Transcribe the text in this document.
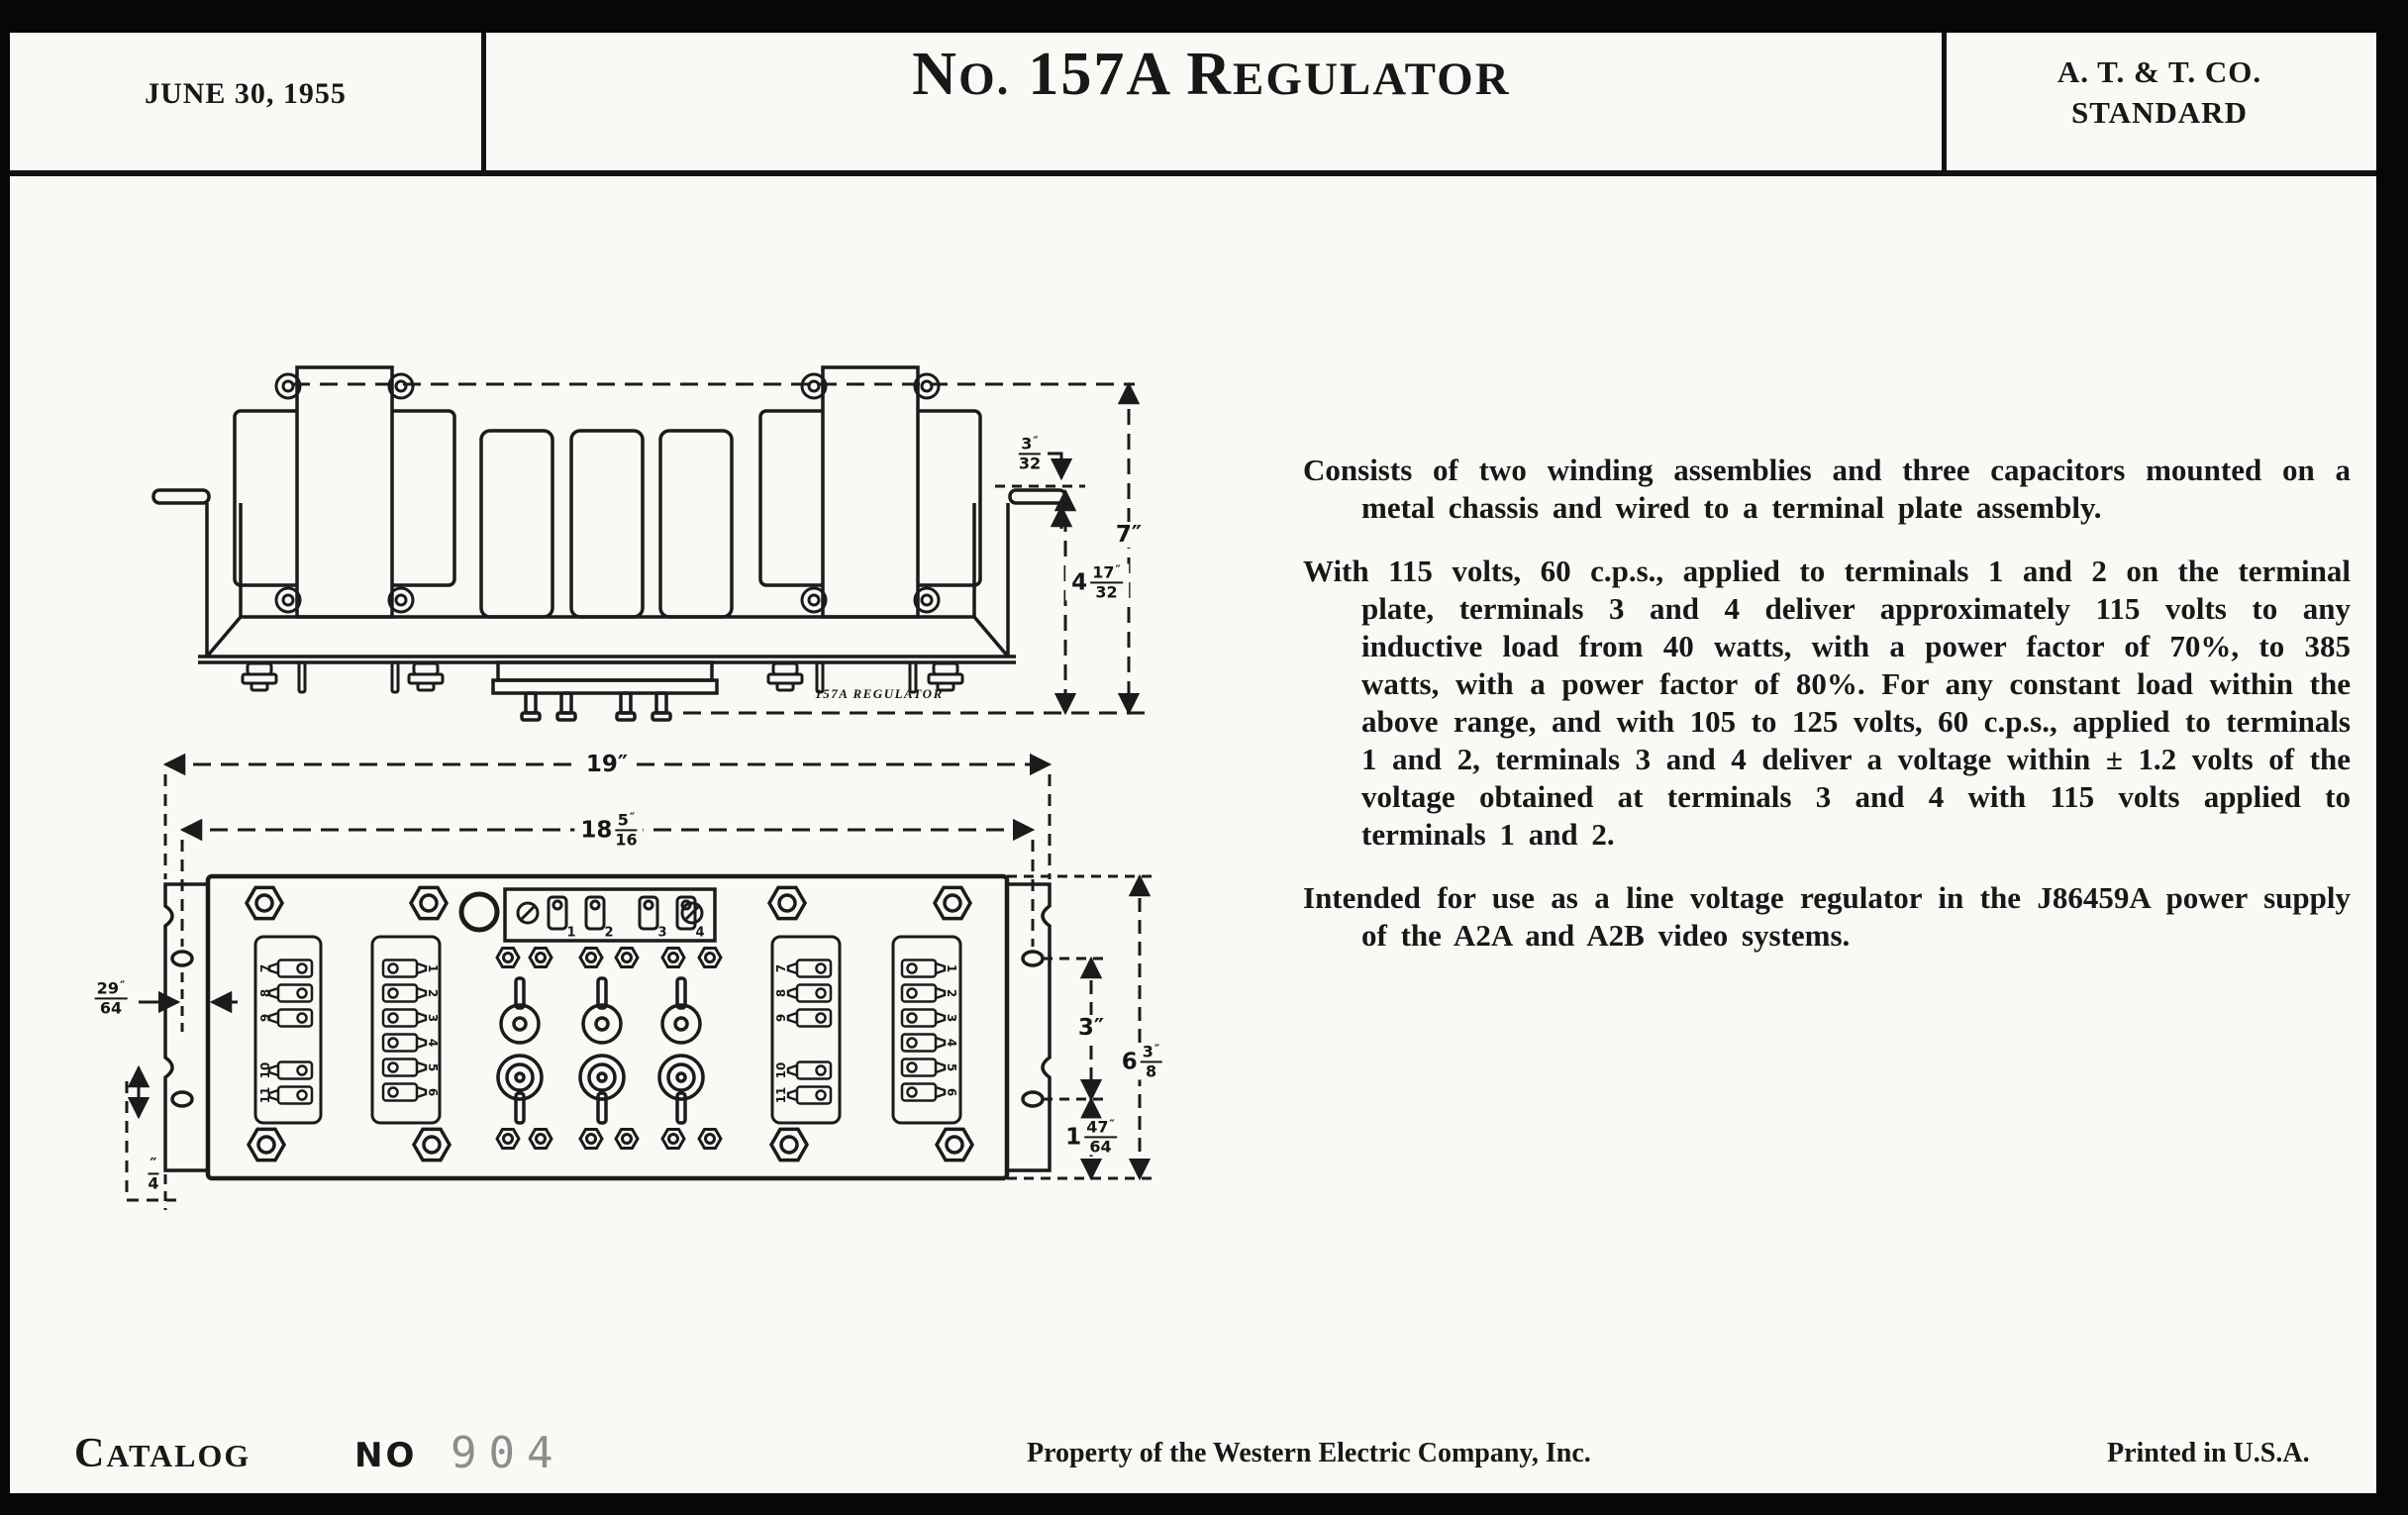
JUNE 30, 1955	NO. 157A REGULATOR	A. T. & T. CO.
STANDARD
3 ″
32
7″
4 17 ″
32
157A REGULATOR
19″
18 5 ″
16
29 ″
64
3″
6 3 ″
8
1 47 ″
64
″
4
1 2	3 4
7
8
9
10
11
1
2
3
4
5
6
7
8
9
10
11
1
2
3
4
5
6

Consists of two winding assemblies and three capacitors mounted on a metal chassis and wired to a terminal plate assembly.

With 115 volts, 60 c.p.s., applied to terminals 1 and 2 on the terminal plate, terminals 3 and 4 deliver approximately 115 volts to any inductive load from 40 watts, with a power factor of 70%, to 385 watts, with a power factor of 80%. For any constant load within the above range, and with 105 to 125 volts, 60 c.p.s., applied to terminals 1 and 2, terminals 3 and 4 deliver a voltage within ± 1.2 volts of the voltage obtained at terminals 3 and 4 with 115 volts applied to terminals 1 and 2.

Intended for use as a line voltage regulator in the J86459A power supply of the A2A and A2B video systems.

CATALOG	NO 904	Property of the Western Electric Company, Inc.	Printed in U.S.A.
